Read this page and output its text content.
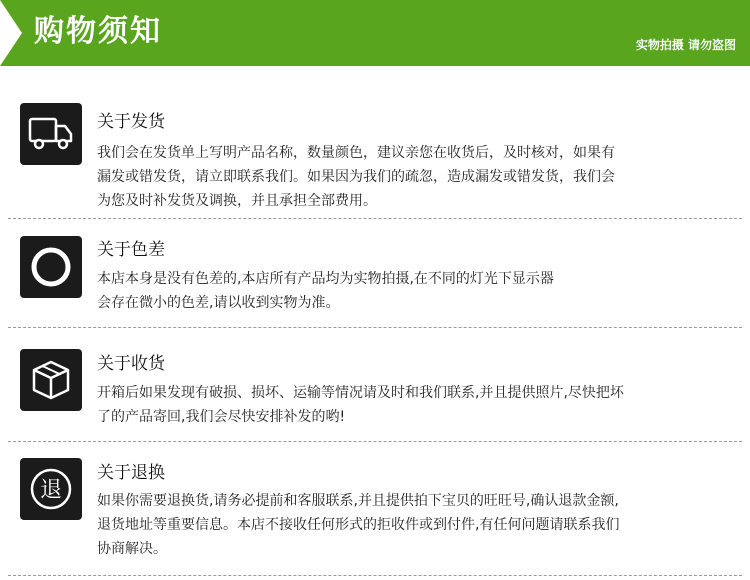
购物须知	实物拍摄 请勿盗图
关于发货
我们会在发货单上写明产品名称，数量颜色，建议亲您在收货后，及时核对，如果有
漏发或错发货，请立即联系我们。如果因为我们的疏忽，造成漏发或错发货，我们会
为您及时补发货及调换，并且承担全部费用。
关于色差
本店本身是没有色差的,本店所有产品均为实物拍摄,在不同的灯光下显示器
会存在微小的色差,请以收到实物为准。
关于收货
开箱后如果发现有破损、损坏、运输等情况请及时和我们联系,并且提供照片,尽快把坏
了的产品寄回,我们会尽快安排补发的哟!
退
关于退换
如果你需要退换货,请务必提前和客服联系,并且提供拍下宝贝的旺旺号,确认退款金额,
退货地址等重要信息。本店不接收任何形式的拒收件或到付件,有任何问题请联系我们
协商解决。
